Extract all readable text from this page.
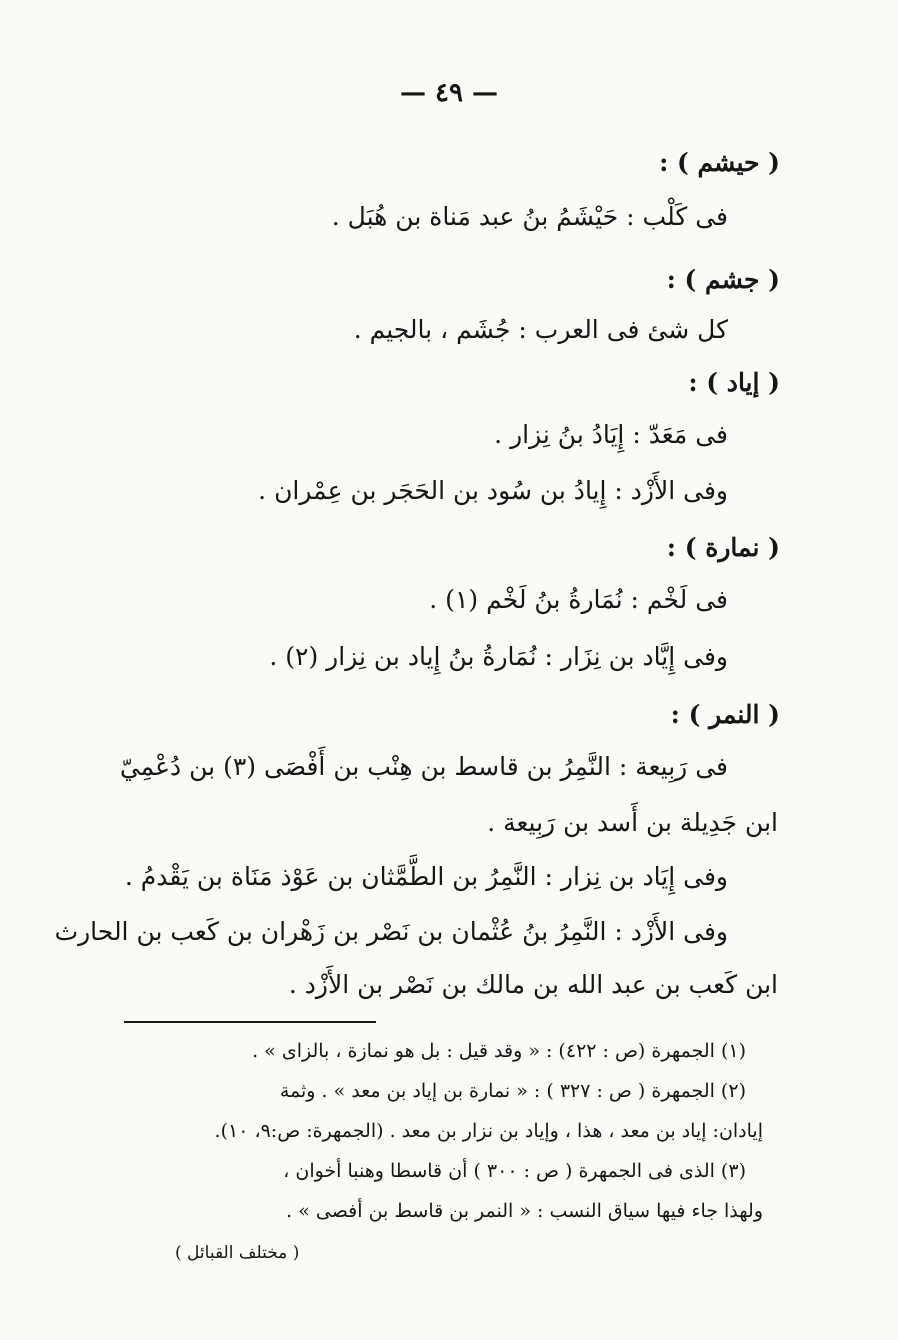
— ٤٩ —
( حيشم ) :
فى كَلْب : حَيْشَمُ بنُ عبد مَناة بن هُبَل .
( جشم ) :
كل شئ فى العرب : جُشَم ، بالجيم .
( إياد ) :
فى مَعَدّ : إِيَادُ بنُ نِزار .
وفى الأَزْد : إِيادُ بن سُود بن الحَجَر بن عِمْران .
( نمارة ) :
فى لَخْم : نُمَارةُ بنُ لَخْم (١) .
وفى إِيَّاد بن نِزَار : نُمَارةُ بنُ إِياد بن نِزار (٢) .
( النمر ) :
فى رَبِيعة : النَّمِرُ بن قاسط بن هِنْب بن أَفْصَى (٣) بن دُعْمِيّ
ابن جَدِيلة بن أَسد بن رَبِيعة .
وفى إِيَاد بن نِزار : النَّمِرُ بن الطَّمَّثان بن عَوْذ مَنَاة بن يَقْدمُ .
وفى الأَزْد : النَّمِرُ بنُ عُثْمان بن نَصْر بن زَهْران بن كَعب بن الحارث
ابن كَعب بن عبد الله بن مالك بن نَصْر بن الأَزْد .
(١) الجمهرة (ص : ٤٢٢) : « وقد قيل : بل هو نمازة ، بالزاى » .
(٢) الجمهرة ( ص : ٣٢٧ ) : « نمارة بن إياد بن معد » . وثمة
إيادان: إياد بن معد ، هذا ، وإياد بن نزار بن معد . (الجمهرة: ص:٩، ١٠).
(٣) الذى فى الجمهرة ( ص : ٣٠٠ ) أن قاسطا وهنبا أخوان ،
ولهذا جاء فيها سياق النسب : « النمر بن قاسط بن أفصى » .
( مختلف القبائل )
